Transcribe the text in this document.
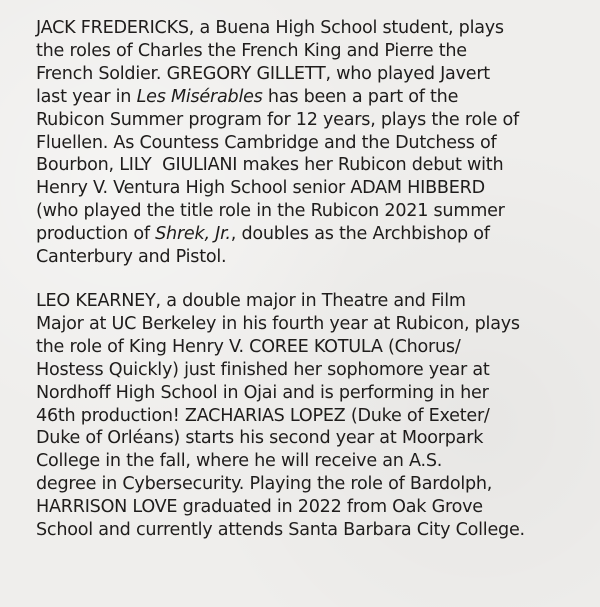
JACK FREDERICKS, a Buena High School student, plays
the roles of Charles the French King and Pierre the
French Soldier. GREGORY GILLETT, who played Javert
last year in Les Misérables has been a part of the
Rubicon Summer program for 12 years, plays the role of
Fluellen. As Countess Cambridge and the Dutchess of
Bourbon, LILY  GIULIANI makes her Rubicon debut with
Henry V. Ventura High School senior ADAM HIBBERD
(who played the title role in the Rubicon 2021 summer
production of Shrek, Jr., doubles as the Archbishop of
Canterbury and Pistol.
LEO KEARNEY, a double major in Theatre and Film
Major at UC Berkeley in his fourth year at Rubicon, plays
the role of King Henry V. COREE KOTULA (Chorus/
Hostess Quickly) just finished her sophomore year at
Nordhoff High School in Ojai and is performing in her
46th production! ZACHARIAS LOPEZ (Duke of Exeter/
Duke of Orléans) starts his second year at Moorpark
College in the fall, where he will receive an A.S.
degree in Cybersecurity. Playing the role of Bardolph,
HARRISON LOVE graduated in 2022 from Oak Grove
School and currently attends Santa Barbara City College.
